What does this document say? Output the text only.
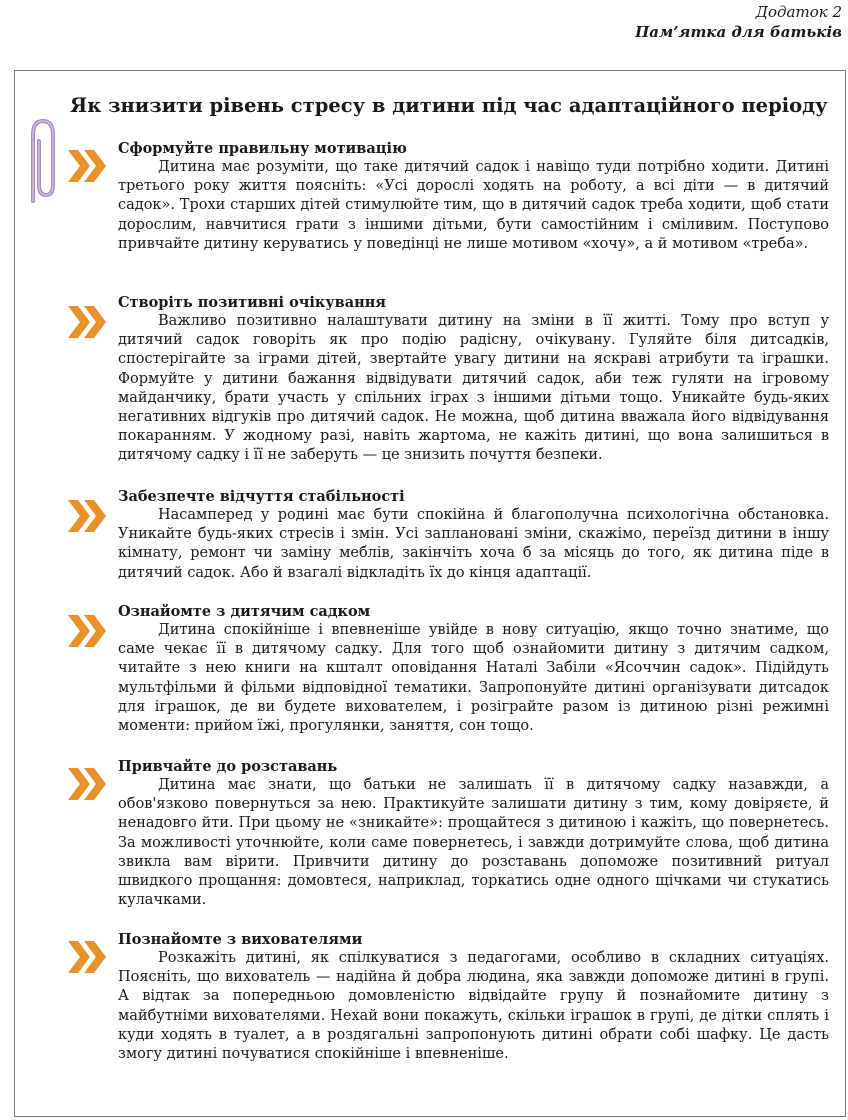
Додаток 2
Пам’ятка для батьків
Як знизити рівень стресу в дитини під час адаптаційного періоду
Сформуйте правильну мотивацію
Дитина має розуміти, що таке дитячий садок і навіщо туди потрібно ходити. Дитині третього року життя поясніть: «Усі дорослі ходять на роботу, а всі діти — в дитячий садок». Трохи старших дітей стимулюйте тим, що в дитячий садок треба ходити, щоб стати дорослим, навчитися грати з іншими дітьми, бути самостійним і сміливим. Поступово привчайте дитину керуватись у поведінці не лише мотивом «хочу», а й мотивом «треба».
Створіть позитивні очікування
Важливо позитивно налаштувати дитину на зміни в її житті. Тому про вступ у дитячий садок говоріть як про подію радісну, очікувану. Гуляйте біля дитсадків, спостерігайте за іграми дітей, звертайте увагу дитини на яскраві атрибути та іграшки. Формуйте у дитини бажання відвідувати дитячий садок, аби теж гуляти на ігровому майданчику, брати участь у спільних іграх з іншими дітьми тощо. Уникайте будь-яких негативних відгуків про дитячий садок. Не можна, щоб дитина вважала його відвідування покаранням. У жодному разі, навіть жартома, не кажіть дитині, що вона залишиться в дитячому садку і її не заберуть — це знизить почуття безпеки.
Забезпечте відчуття стабільності
Насамперед у родині має бути спокійна й благополучна психологічна обстановка. Уникайте будь-яких стресів і змін. Усі заплановані зміни, скажімо, переїзд дитини в іншу кімнату, ремонт чи заміну меблів, закінчіть хоча б за місяць до того, як дитина піде в дитячий садок. Або й взагалі відкладіть їх до кінця адаптації.
Ознайомте з дитячим садком
Дитина спокійніше і впевненіше увійде в нову ситуацію, якщо точно знатиме, що саме чекає її в дитячому садку. Для того щоб ознайомити дитину з дитячим садком, читайте з нею книги на кшталт оповідання Наталі Забіли «Ясоччин садок». Підійдуть мультфільми й фільми відповідної тематики. Запропонуйте дитині організувати дитсадок для іграшок, де ви будете вихователем, і розіграйте разом із дитиною різні режимні моменти: прийом їжі, прогулянки, заняття, сон тощо.
Привчайте до розставань
Дитина має знати, що батьки не залишать її в дитячому садку назавжди, а обов'язково повернуться за нею. Практикуйте залишати дитину з тим, кому довіряєте, й ненадовго йти. При цьому не «зникайте»: прощайтеся з дитиною і кажіть, що повернетесь. За можливості уточнюйте, коли саме повернетесь, і завжди дотримуйте слова, щоб дитина звикла вам вірити. Привчити дитину до розставань допоможе позитивний ритуал швидкого прощання: домовтеся, наприклад, торкатись одне одного щічками чи стукатись кулачками.
Познайомте з вихователями
Розкажіть дитині, як спілкуватися з педагогами, особливо в складних ситуаціях. Поясніть, що вихователь — надійна й добра людина, яка завжди допоможе дитині в групі. А відтак за попередньою домовленістю відвідайте групу й познайомите дитину з майбутніми вихователями. Нехай вони покажуть, скільки іграшок в групі, де дітки сплять і куди ходять в туалет, а в роздягальні запропонують дитині обрати собі шафку. Це дасть змогу дитині почуватися спокійніше і впевненіше.
